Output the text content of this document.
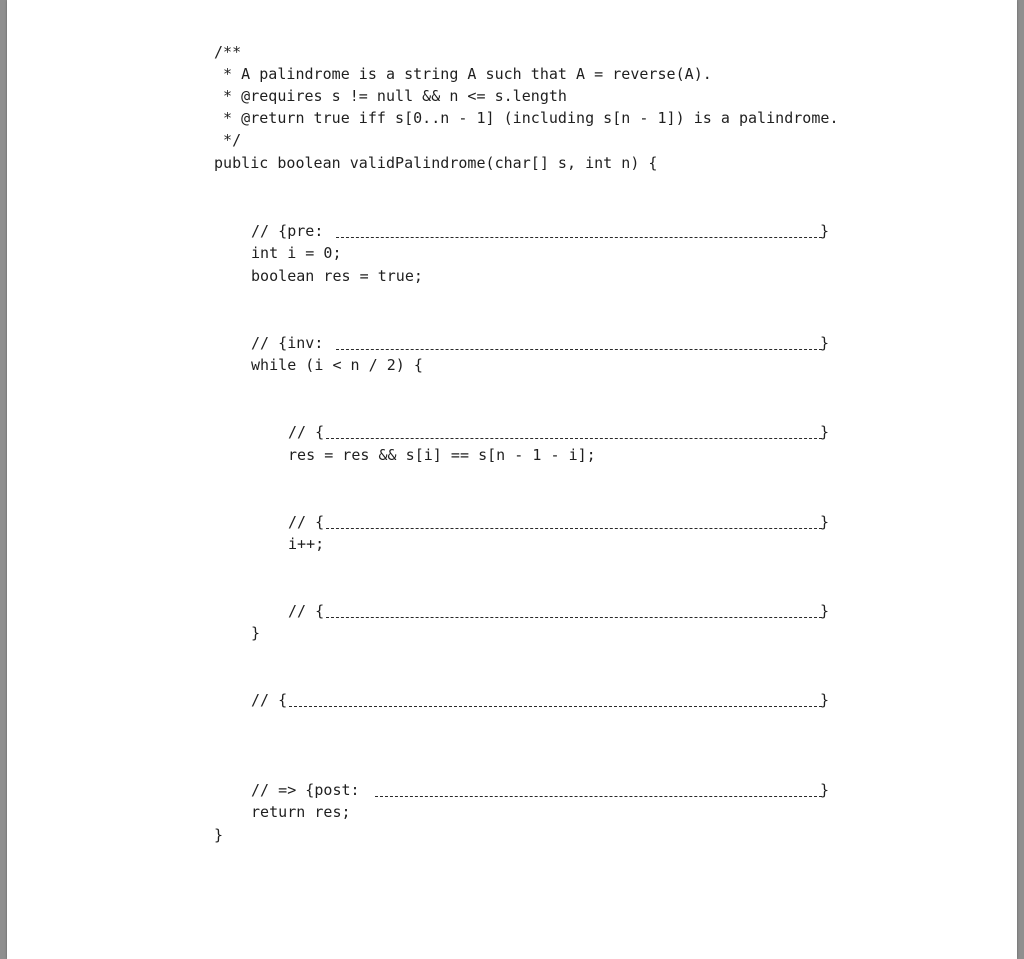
/**
* A palindrome is a string A such that A = reverse(A).
* @requires s != null && n <= s.length
* @return true iff s[0..n - 1] (including s[n - 1]) is a palindrome.
*/
public boolean validPalindrome(char[] s, int n) {
// {pre:	}
int i = 0;
boolean res = true;
// {inv:	}
while (i < n / 2) {
// {	}
res = res && s[i] == s[n - 1 - i];
// {	}
i++;
// {	}
}
// {	}
// => {post:	}
return res;
}
